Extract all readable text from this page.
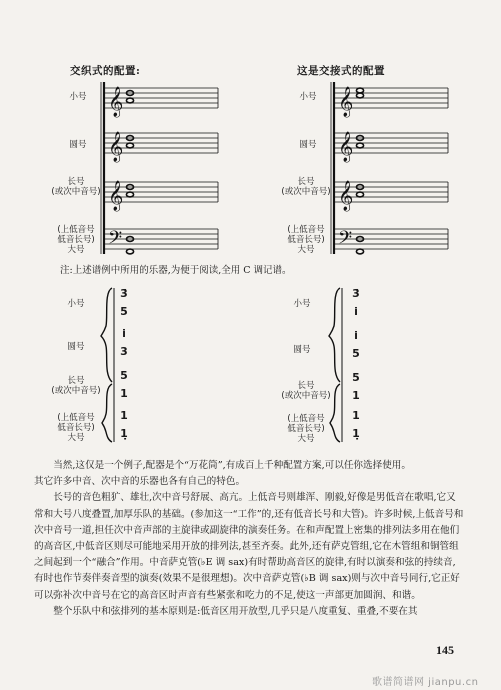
交织式的配置:	这是交接式的配置
小号
圆号
长号
(或次中音号)
(上低音号
低音长号)
大号
小号
圆号
长号
(或次中音号)
(上低音号
低音长号)
大号
𝄞
𝄞
𝄞
𝄢
𝄞
𝄞
𝄞
𝄢
注:上述谱例中所用的乐器,为便于阅读,全用 C 调记谱。
小号
圆号
长号
(或次中音号)
(上低音号
低音长号)
大号
3̇
5
i̇
3
5
1
1
1̣
小号
圆号
长号
(或次中音号)
(上低音号
低音长号)
大号
3̇
i̇
i̇
5
5
1
1
1̣

当然,这仅是一个例子,配器是个“万花筒”,有成百上千种配置方案,可以任你选择使用。

其它许多中音、次中音的乐器也各有自己的特色。

长号的音色粗犷、雄壮,次中音号舒展、高亢。上低音号则雄浑、刚毅,好像是男低音在歌唱,它又常和大号八度叠置,加厚乐队的基础。(参加这一“工作”的,还有低音长号和大管)。许多时候,上低音号和次中音号一道,担任次中音声部的主旋律或副旋律的演奏任务。在和声配置上密集的排列法多用在他们的高音区,中低音区则尽可能地采用开放的排列法,甚至齐奏。此外,还有萨克管组,它在木管组和铜管组之间起到一个“融合”作用。中音萨克管(♭E 调 sax)有时帮助高音区的旋律,有时以演奏和弦的持续音,有时也作节奏伴奏音型的演奏(效果不是很理想)。次中音萨克管(♭B 调 sax)则与次中音号同行,它正好可以弥补次中音号在它的高音区时声音有些紧张和吃力的不足,使这一声部更加圆润、和谐。

整个乐队中和弦排列的基本原则是:低音区用开放型,几乎只是八度重复、重叠,不要在其

145
歌谱简谱网 jianpu.cn
